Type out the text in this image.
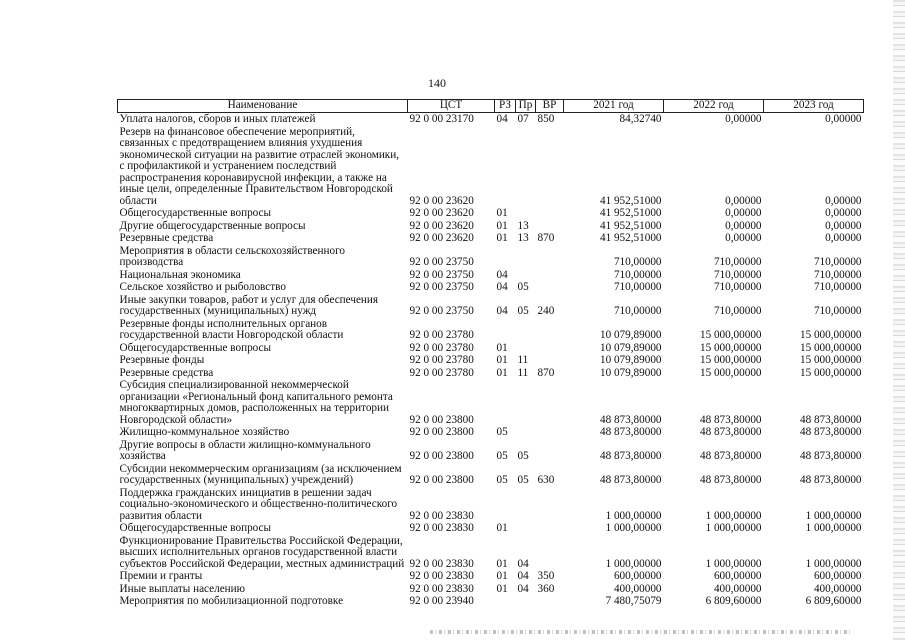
140
Наименование	ЦСТ	РЗ	Пр	ВР	2021 год	2022 год	2023 год
Уплата налогов, сборов и иных платежей	92 0 00 23170	04	07	850	84,32740	0,00000	0,00000
Резерв на финансовое обеспечение мероприятий, связанных с предотвращением влияния ухудшения экономической ситуации на развитие отраслей экономики, с профилактикой и устранением последствий распространения коронавирусной инфекции, а также на иные цели, определенные Правительством Новгородской области	92 0 00 23620				41 952,51000	0,00000	0,00000
Общегосударственные вопросы	92 0 00 23620	01			41 952,51000	0,00000	0,00000
Другие общегосударственные вопросы	92 0 00 23620	01	13		41 952,51000	0,00000	0,00000
Резервные средства	92 0 00 23620	01	13	870	41 952,51000	0,00000	0,00000
Мероприятия в области сельскохозяйственного производства	92 0 00 23750				710,00000	710,00000	710,00000
Национальная экономика	92 0 00 23750	04			710,00000	710,00000	710,00000
Сельское хозяйство и рыболовство	92 0 00 23750	04	05		710,00000	710,00000	710,00000
Иные закупки товаров, работ и услуг для обеспечения государственных (муниципальных) нужд	92 0 00 23750	04	05	240	710,00000	710,00000	710,00000
Резервные фонды исполнительных органов государственной власти Новгородской области	92 0 00 23780				10 079,89000	15 000,00000	15 000,00000
Общегосударственные вопросы	92 0 00 23780	01			10 079,89000	15 000,00000	15 000,00000
Резервные фонды	92 0 00 23780	01	11		10 079,89000	15 000,00000	15 000,00000
Резервные средства	92 0 00 23780	01	11	870	10 079,89000	15 000,00000	15 000,00000
Субсидия специализированной некоммерческой организации «Региональный фонд капитального ремонта многоквартирных домов, расположенных на территории Новгородской области»	92 0 00 23800				48 873,80000	48 873,80000	48 873,80000
Жилищно-коммунальное хозяйство	92 0 00 23800	05			48 873,80000	48 873,80000	48 873,80000
Другие вопросы в области жилищно-коммунального хозяйства	92 0 00 23800	05	05		48 873,80000	48 873,80000	48 873,80000
Субсидии некоммерческим организациям (за исключением государственных (муниципальных) учреждений)	92 0 00 23800	05	05	630	48 873,80000	48 873,80000	48 873,80000
Поддержка гражданских инициатив в решении задач социально-экономического и общественно-политического развития области	92 0 00 23830				1 000,00000	1 000,00000	1 000,00000
Общегосударственные вопросы	92 0 00 23830	01			1 000,00000	1 000,00000	1 000,00000
Функционирование Правительства Российской Федерации, высших исполнительных органов государственной власти субъектов Российской Федерации, местных администраций	92 0 00 23830	01	04		1 000,00000	1 000,00000	1 000,00000
Премии и гранты	92 0 00 23830	01	04	350	600,00000	600,00000	600,00000
Иные выплаты населению	92 0 00 23830	01	04	360	400,00000	400,00000	400,00000
Мероприятия по мобилизационной подготовке	92 0 00 23940				7 480,75079	6 809,60000	6 809,60000
